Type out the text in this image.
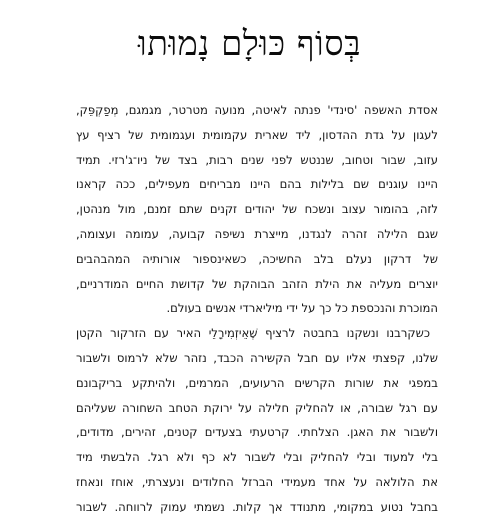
בְּסוֹף כּוּלָם נָמוּתוּ
אסדת האשפה 'סינדי' פנתה לאיטה, מנועה מטרטר, מגמגם, מְפַקְפֵּק,
לעגון על גדת ההדסון, ליד שארית עקמומית ועגמומית של רציף עץ
עזוב, שבור וטחוב, שננטש לפני שנים רבות, בצד של ניו־ג'רזי. תמיד
היינו עוגנים שם בלילות בהם היינו מבריחים מעפילים, ככה קראנו
לזה, בהומור עצוב ונשכח של יהודים זקנים שתם זמנם, מול מנהטן,
שגם הלילה זהרה לנגדנו, מייצרת נשיפה קבועה, עמומה ועצומה,
של דרקון נעלם בלב החשיכה, כשאינספור אורותיה המהבהבים
יוצרים מעליה את הילת הזהב הבוהקת של קדושת החיים המודרניים,
המוכרת והנכספת כל כך על ידי מיליארדי אנשים בעולם.
כשקרבנו ונשקנו בחבטה לרציף שֶׁאֵיזְמִירָלֵי האיר עם הזרקור הקטן
שלנו, קפצתי אליו עם חבל הקשירה הכבד, נזהר שלא לרמוס ולשבור
במפגי את שורות הקרשים הרעועים, המרמים, ולהיתקע בריקבונם
עם רגל שבורה, או להחליק חלילה על ירוקת הטחב השחורה שעליהם
ולשבור את האגן. הצלחתי. קרטעתי בצעדים קטנים, זהירים, מדודים,
בלי למעוד ובלי להחליק ובלי לשבור לא כף ולא רגל. הלבשתי מיד
את הלולאה על אחד מעמידי הברזל החלודים ונעצרתי, אוחז ונאחז
בחבל נטוע במקומי, מתנודד אך קלות. נשמתי עמוק לרווחה. לשבור
